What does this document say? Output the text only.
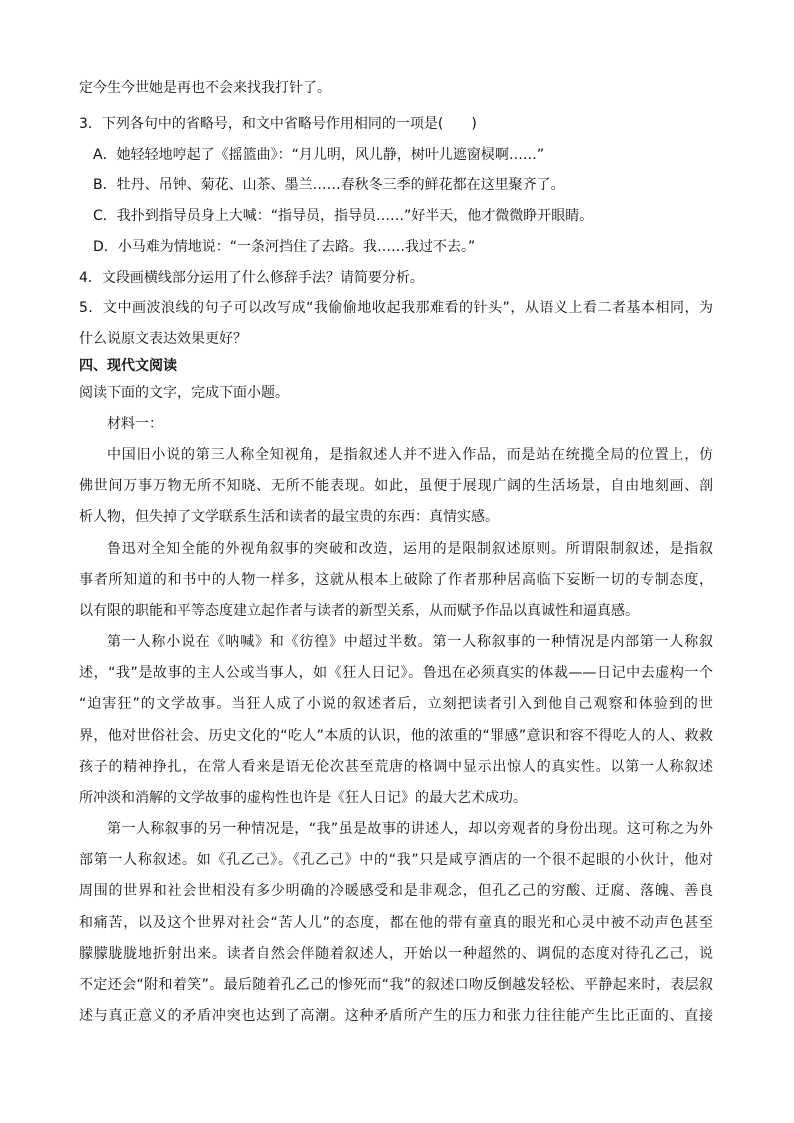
定今生今世她是再也不会来找我打针了。
3．下列各句中的省略号，和文中省略号作用相同的一项是(　　)
A．她轻轻地哼起了《摇篮曲》：“月儿明，风儿静，树叶儿遮窗棂啊……”
B．牡丹、吊钟、菊花、山茶、墨兰……春秋冬三季的鲜花都在这里聚齐了。
C．我扑到指导员身上大喊：“指导员，指导员……”好半天，他才微微睁开眼睛。
D．小马难为情地说：“一条河挡住了去路。我……我过不去。”
4．文段画横线部分运用了什么修辞手法？请简要分析。
5．文中画波浪线的句子可以改写成“我偷偷地收起我那难看的针头”，从语义上看二者基本相同，为
什么说原文表达效果更好？
四、现代文阅读
阅读下面的文字，完成下面小题。
材料一：
中国旧小说的第三人称全知视角，是指叙述人并不进入作品，而是站在统揽全局的位置上，仿
佛世间万事万物无所不知晓、无所不能表现。如此，虽便于展现广阔的生活场景，自由地刻画、剖
析人物，但失掉了文学联系生活和读者的最宝贵的东西：真情实感。
鲁迅对全知全能的外视角叙事的突破和改造，运用的是限制叙述原则。所谓限制叙述，是指叙
事者所知道的和书中的人物一样多，这就从根本上破除了作者那种居高临下妄断一切的专制态度，
以有限的职能和平等态度建立起作者与读者的新型关系，从而赋予作品以真诚性和逼真感。
第一人称小说在《呐喊》和《彷徨》中超过半数。第一人称叙事的一种情况是内部第一人称叙
述，“我”是故事的主人公或当事人，如《狂人日记》。鲁迅在必须真实的体裁——日记中去虚构一个
“迫害狂”的文学故事。当狂人成了小说的叙述者后，立刻把读者引入到他自己观察和体验到的世
界，他对世俗社会、历史文化的“吃人”本质的认识，他的浓重的“罪感”意识和容不得吃人的人、救救
孩子的精神挣扎，在常人看来是语无伦次甚至荒唐的格调中显示出惊人的真实性。以第一人称叙述
所冲淡和消解的文学故事的虚构性也许是《狂人日记》的最大艺术成功。
第一人称叙事的另一种情况是，“我”虽是故事的讲述人，却以旁观者的身份出现。这可称之为外
部第一人称叙述。如《孔乙己》。《孔乙己》中的“我”只是咸亨酒店的一个很不起眼的小伙计，他对
周围的世界和社会世相没有多少明确的冷暖感受和是非观念，但孔乙己的穷酸、迂腐、落魄、善良
和痛苦，以及这个世界对社会“苦人儿”的态度，都在他的带有童真的眼光和心灵中被不动声色甚至
朦朦胧胧地折射出来。读者自然会伴随着叙述人，开始以一种超然的、调侃的态度对待孔乙己，说
不定还会“附和着笑”。最后随着孔乙己的惨死而“我”的叙述口吻反倒越发轻松、平静起来时，表层叙
述与真正意义的矛盾冲突也达到了高潮。这种矛盾所产生的压力和张力往往能产生比正面的、直接
